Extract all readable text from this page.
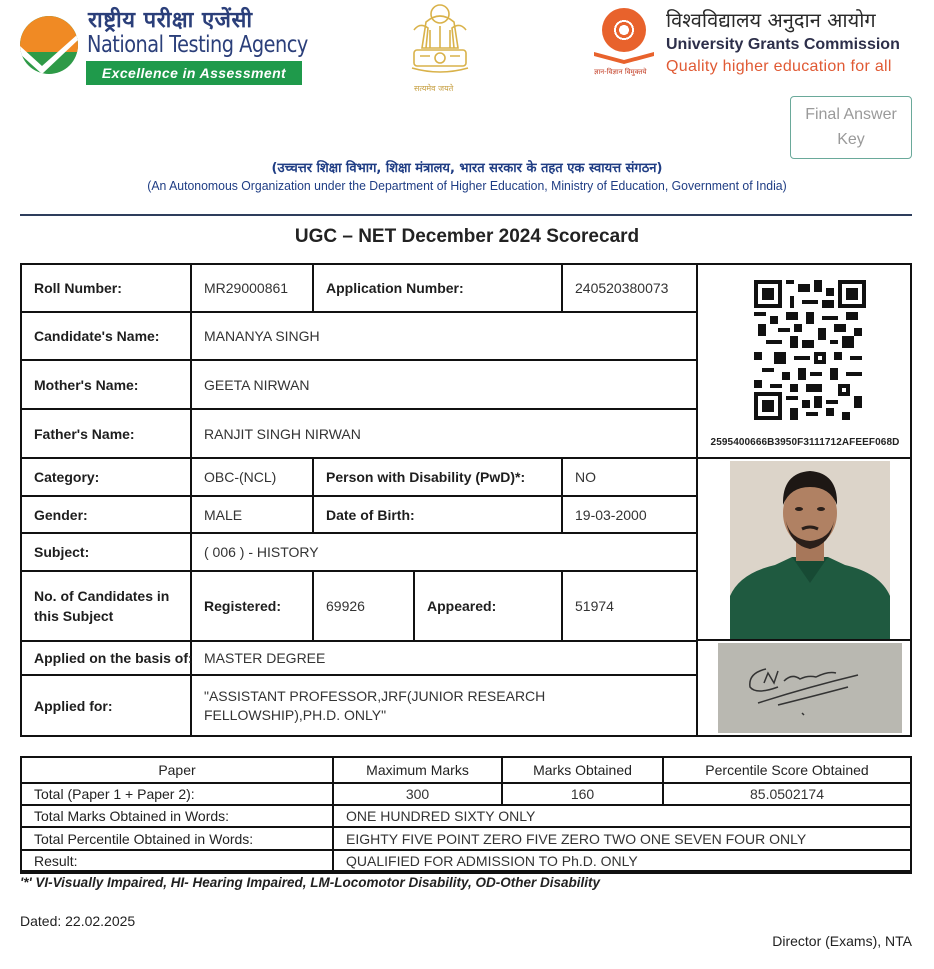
राष्ट्रीय परीक्षा एजेंसी
National Testing Agency
Excellence in Assessment
सत्यमेव जयते
ज्ञान-विज्ञान विमुक्तये
विश्वविद्यालय अनुदान आयोग
University Grants Commission
Quality higher education for all
Final Answer Key
(उच्चत्तर शिक्षा विभाग, शिक्षा मंत्रालय, भारत सरकार के तहत एक स्वायत्त संगठन)
(An Autonomous Organization under the Department of Higher Education, Ministry of Education, Government of India)
UGC – NET December 2024 Scorecard
Roll Number:	MR29000861	Application Number:	240520380073
Candidate's Name:	MANANYA SINGH
Mother's Name:	GEETA NIRWAN
Father's Name:	RANJIT SINGH NIRWAN
Category:	OBC-(NCL)	Person with Disability (PwD)*:	NO
Gender:	MALE	Date of Birth:	19-03-2000
Subject:	( 006 ) - HISTORY
No. of Candidates in this Subject
Registered:	69926	Appeared:	51974
Applied on the basis of: MASTER DEGREE
Applied for:
"ASSISTANT PROFESSOR,JRF(JUNIOR RESEARCH FELLOWSHIP),PH.D. ONLY"
2595400666B3950F3111712AFEEF068D
Paper	Maximum Marks	Marks Obtained	Percentile Score Obtained
Total (Paper 1 + Paper 2):	300	160	85.0502174
Total Marks Obtained in Words:	ONE HUNDRED SIXTY ONLY
Total Percentile Obtained in Words:	EIGHTY FIVE POINT ZERO FIVE ZERO TWO ONE SEVEN FOUR ONLY
Result:	QUALIFIED FOR ADMISSION TO Ph.D. ONLY
'*' VI-Visually Impaired, HI- Hearing Impaired, LM-Locomotor Disability, OD-Other Disability
Dated: 22.02.2025
Director (Exams), NTA
